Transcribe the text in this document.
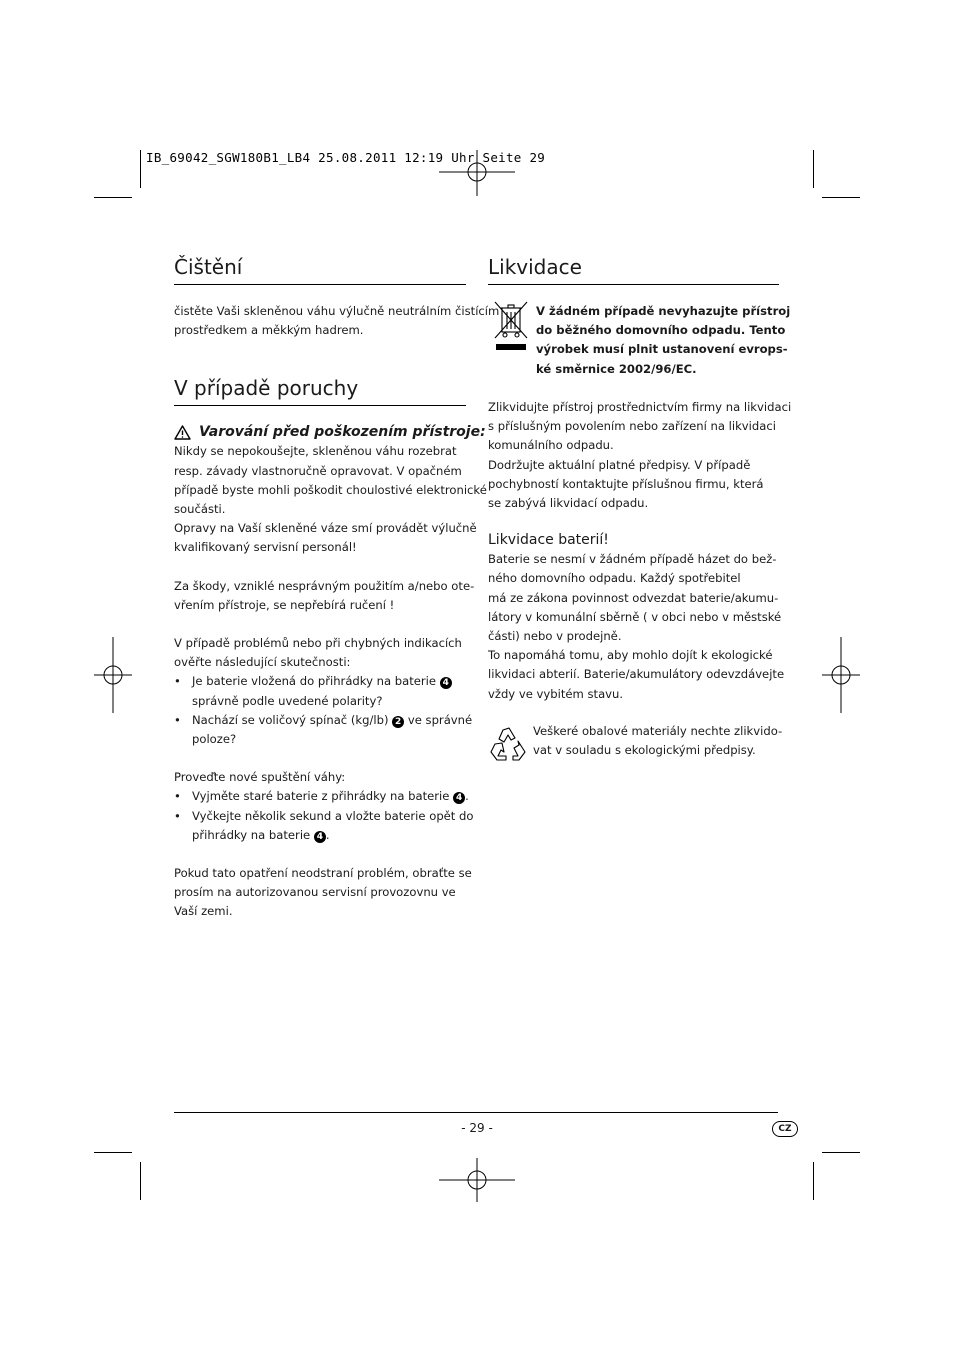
IB_69042_SGW180B1_LB4 25.08.2011 12:19 Uhr Seite 29
Čištění
čistěte Vaši skleněnou váhu výlučně neutrálním čistícím
prostředkem a měkkým hadrem.
V případě poruchy
Varování před poškozením přístroje:
Nikdy se nepokoušejte, skleněnou váhu rozebrat
resp. závady vlastnoručně opravovat. V opačném
případě byste mohli poškodit choulostivé elektronické
součásti.
Opravy na Vaší skleněné váze smí provádět výlučně
kvalifikovaný servisní personál!
Za škody, vzniklé nesprávným použitím a/nebo ote-
vřením přístroje, se nepřebírá ručení !
V případě problémů nebo při chybných indikacích
ověřte následující skutečnosti:
• Je baterie vložená do přihrádky na baterie 4
správně podle uvedené polarity?
• Nachází se voličový spínač (kg/lb) 2 ve správné
poloze?
Proveďte nové spuštění váhy:
• Vyjměte staré baterie z přihrádky na baterie 4 .
• Vyčkejte několik sekund a vložte baterie opět do
přihrádky na baterie 4 .
Pokud tato opatření neodstraní problém, obraťte se
prosím na autorizovanou servisní provozovnu ve
Vaší zemi.
Likvidace
V žádném případě nevyhazujte přístroj
do běžného domovního odpadu. Tento
výrobek musí plnit ustanovení evrops-
ké směrnice 2002/96/EC.
Zlikvidujte přístroj prostřednictvím firmy na likvidaci
s příslušným povolením nebo zařízení na likvidaci
komunálního odpadu.
Dodržujte aktuální platné předpisy. V případě
pochybností kontaktujte příslušnou firmu, která
se zabývá likvidací odpadu.
Likvidace baterií!
Baterie se nesmí v žádném případě házet do bež-
ného domovního odpadu. Každý spotřebitel
má ze zákona povinnost odvezdat baterie/akumu-
látory v komunální sběrně ( v obci nebo v městské
části) nebo v prodejně.
To napomáhá tomu, aby mohlo dojít k ekologické
likvidaci abterií. Baterie/akumulátory odevzdávejte
vždy ve vybitém stavu.
Veškeré obalové materiály nechte zlikvido-
vat v souladu s ekologickými předpisy.
- 29 -	CZ
